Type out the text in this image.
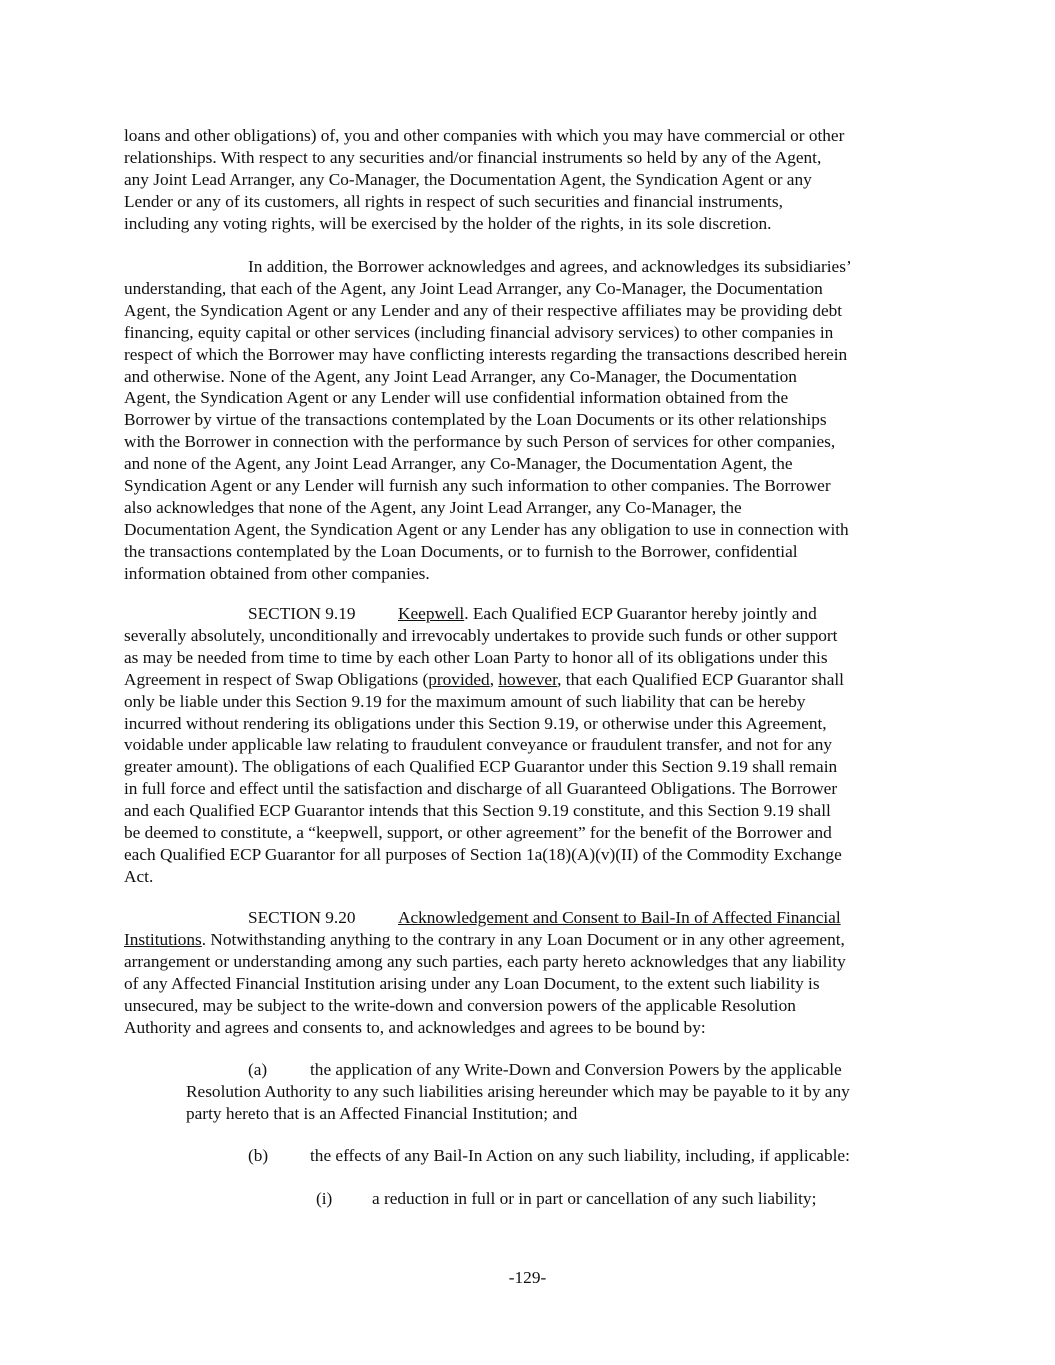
loans and other obligations) of, you and other companies with which you may have commercial or other
relationships. With respect to any securities and/or financial instruments so held by any of the Agent,
any Joint Lead Arranger, any Co-Manager, the Documentation Agent, the Syndication Agent or any
Lender or any of its customers, all rights in respect of such securities and financial instruments,
including any voting rights, will be exercised by the holder of the rights, in its sole discretion.
In addition, the Borrower acknowledges and agrees, and acknowledges its subsidiaries’
understanding, that each of the Agent, any Joint Lead Arranger, any Co-Manager, the Documentation
Agent, the Syndication Agent or any Lender and any of their respective affiliates may be providing debt
financing, equity capital or other services (including financial advisory services) to other companies in
respect of which the Borrower may have conflicting interests regarding the transactions described herein
and otherwise. None of the Agent, any Joint Lead Arranger, any Co-Manager, the Documentation
Agent, the Syndication Agent or any Lender will use confidential information obtained from the
Borrower by virtue of the transactions contemplated by the Loan Documents or its other relationships
with the Borrower in connection with the performance by such Person of services for other companies,
and none of the Agent, any Joint Lead Arranger, any Co-Manager, the Documentation Agent, the
Syndication Agent or any Lender will furnish any such information to other companies. The Borrower
also acknowledges that none of the Agent, any Joint Lead Arranger, any Co-Manager, the
Documentation Agent, the Syndication Agent or any Lender has any obligation to use in connection with
the transactions contemplated by the Loan Documents, or to furnish to the Borrower, confidential
information obtained from other companies.
SECTION 9.19 Keepwell. Each Qualified ECP Guarantor hereby jointly and
severally absolutely, unconditionally and irrevocably undertakes to provide such funds or other support
as may be needed from time to time by each other Loan Party to honor all of its obligations under this
Agreement in respect of Swap Obligations (provided, however, that each Qualified ECP Guarantor shall
only be liable under this Section 9.19 for the maximum amount of such liability that can be hereby
incurred without rendering its obligations under this Section 9.19, or otherwise under this Agreement,
voidable under applicable law relating to fraudulent conveyance or fraudulent transfer, and not for any
greater amount). The obligations of each Qualified ECP Guarantor under this Section 9.19 shall remain
in full force and effect until the satisfaction and discharge of all Guaranteed Obligations. The Borrower
and each Qualified ECP Guarantor intends that this Section 9.19 constitute, and this Section 9.19 shall
be deemed to constitute, a “keepwell, support, or other agreement” for the benefit of the Borrower and
each Qualified ECP Guarantor for all purposes of Section 1a(18)(A)(v)(II) of the Commodity Exchange
Act.
SECTION 9.20 Acknowledgement and Consent to Bail-In of Affected Financial
Institutions. Notwithstanding anything to the contrary in any Loan Document or in any other agreement,
arrangement or understanding among any such parties, each party hereto acknowledges that any liability
of any Affected Financial Institution arising under any Loan Document, to the extent such liability is
unsecured, may be subject to the write-down and conversion powers of the applicable Resolution
Authority and agrees and consents to, and acknowledges and agrees to be bound by:
(a) the application of any Write-Down and Conversion Powers by the applicable
Resolution Authority to any such liabilities arising hereunder which may be payable to it by any
party hereto that is an Affected Financial Institution; and
(b) the effects of any Bail-In Action on any such liability, including, if applicable:
(i) a reduction in full or in part or cancellation of any such liability;
-129-
